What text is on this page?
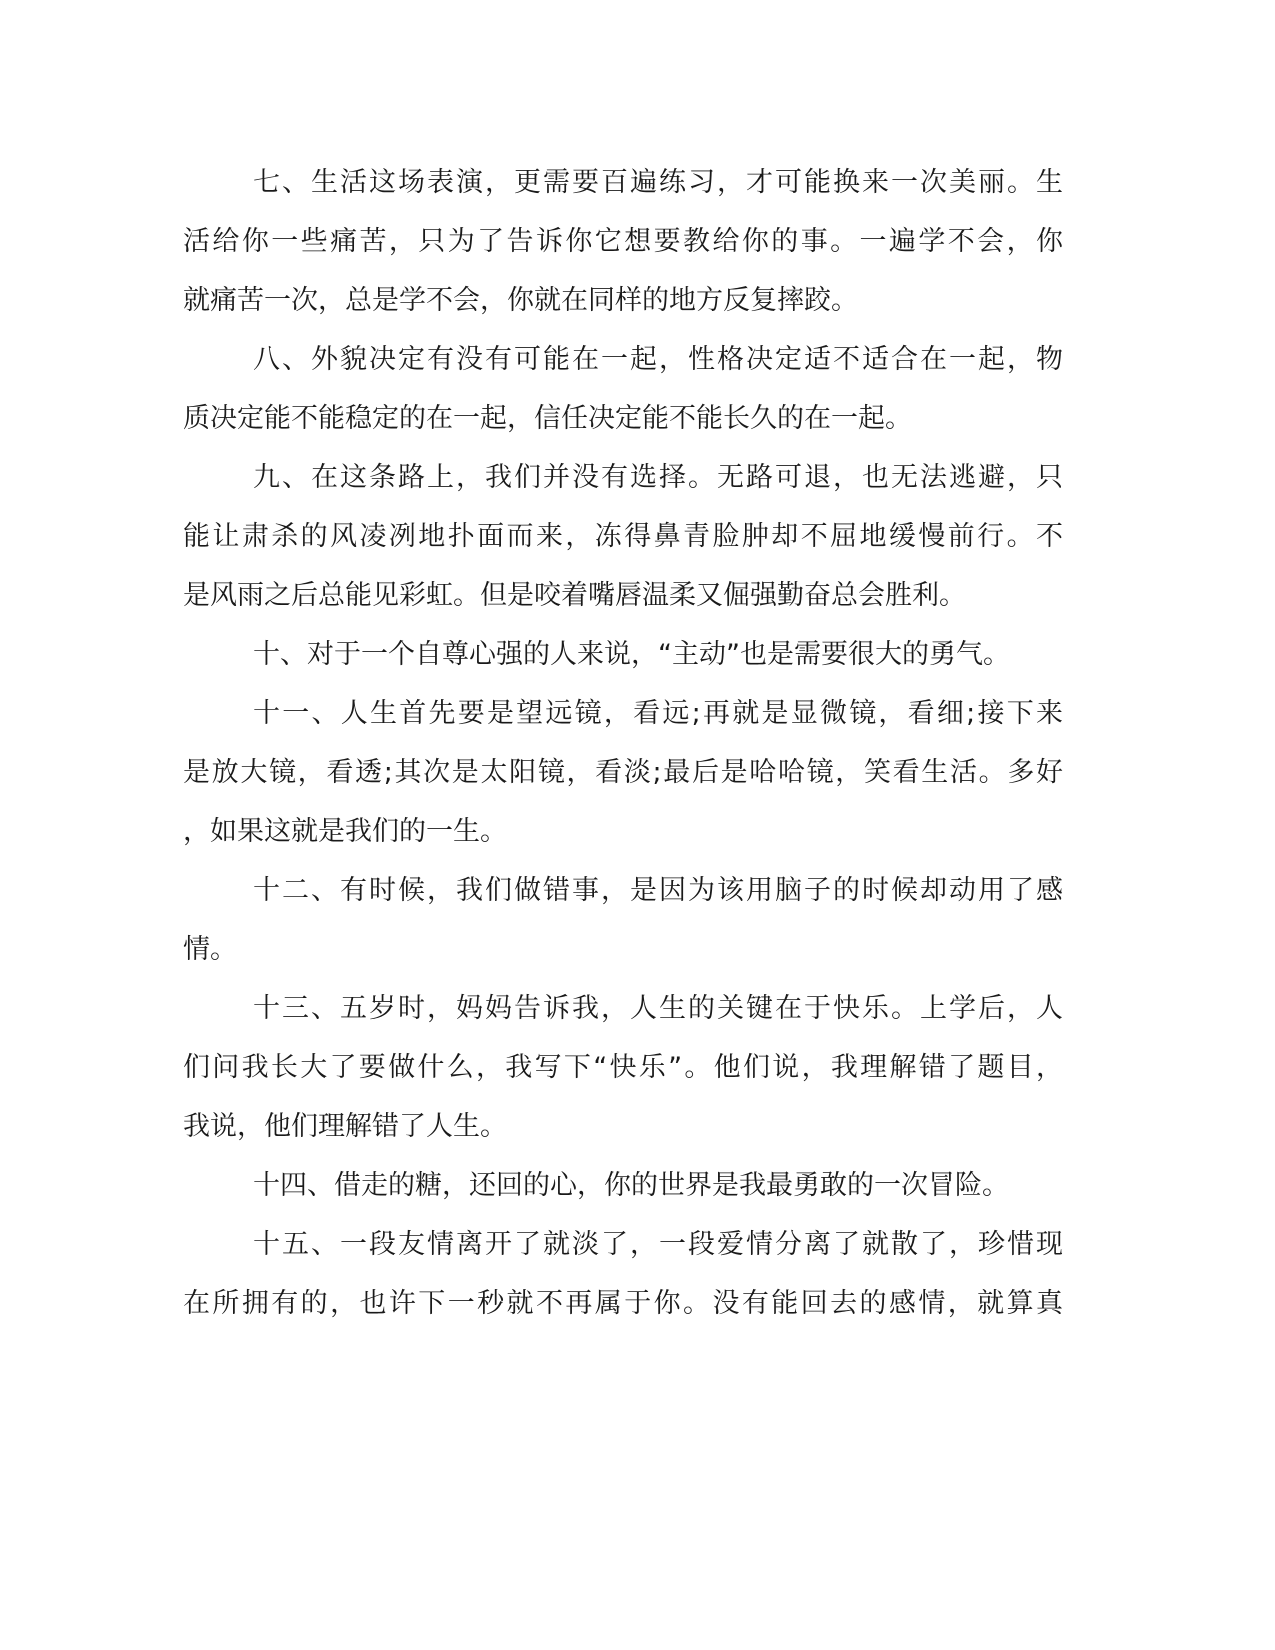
七、生活这场表演，更需要百遍练习，才可能换来一次美丽。生
活给你一些痛苦，只为了告诉你它想要教给你的事。一遍学不会，你
就痛苦一次，总是学不会，你就在同样的地方反复摔跤。
八、外貌决定有没有可能在一起，性格决定适不适合在一起，物
质决定能不能稳定的在一起，信任决定能不能长久的在一起。
九、在这条路上，我们并没有选择。无路可退，也无法逃避，只
能让肃杀的风凌冽地扑面而来，冻得鼻青脸肿却不屈地缓慢前行。不
是风雨之后总能见彩虹。但是咬着嘴唇温柔又倔强勤奋总会胜利。
十、对于一个自尊心强的人来说，“主动”也是需要很大的勇气。
十一、人生首先要是望远镜，看远;再就是显微镜，看细;接下来
是放大镜，看透;其次是太阳镜，看淡;最后是哈哈镜，笑看生活。多好
，如果这就是我们的一生。
十二、有时候，我们做错事，是因为该用脑子的时候却动用了感
情。
十三、五岁时，妈妈告诉我，人生的关键在于快乐。上学后，人
们问我长大了要做什么，我写下“快乐”。他们说，我理解错了题目，
我说，他们理解错了人生。
十四、借走的糖，还回的心，你的世界是我最勇敢的一次冒险。
十五、一段友情离开了就淡了，一段爱情分离了就散了，珍惜现
在所拥有的，也许下一秒就不再属于你。没有能回去的感情，就算真
